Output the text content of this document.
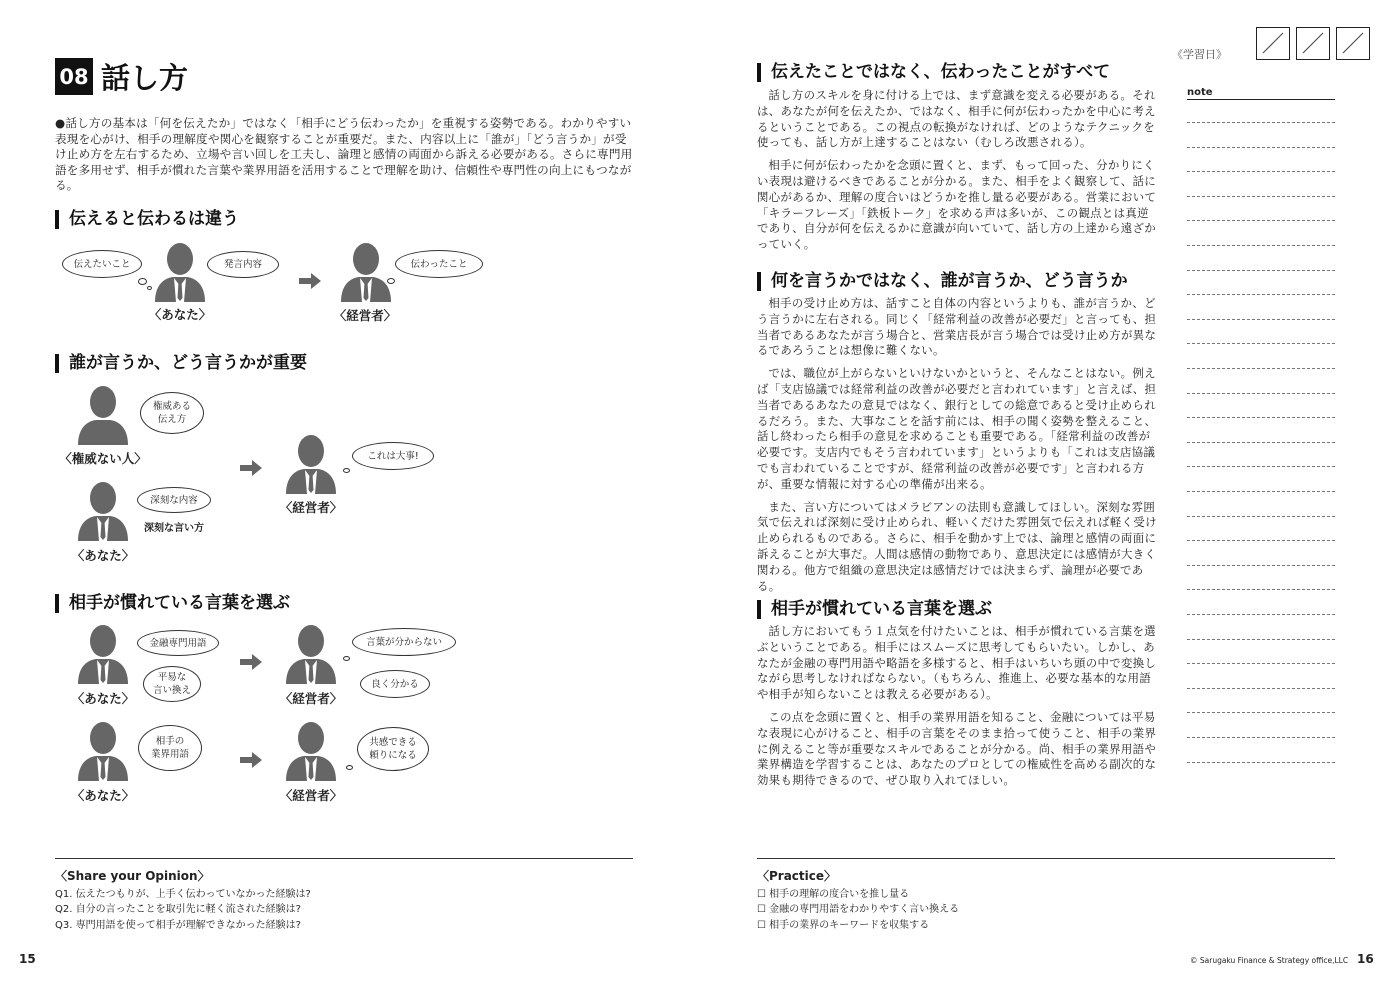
08 話し方
●話し方の基本は「何を伝えたか」ではなく「相手にどう伝わったか」を重視する姿勢である。わかりやすい表現を心がけ、相手の理解度や関心を観察することが重要だ。また、内容以上に「誰が」「どう言うか」が受け止め方を左右するため、立場や言い回しを工夫し、論理と感情の両面から訴える必要がある。さらに専門用語を多用せず、相手が慣れた言葉や業界用語を活用することで理解を助け、信頼性や専門性の向上にもつながる。
伝えると伝わるは違う
誰が言うか、どう言うかが重要
相手が慣れている言葉を選ぶ
〈あなた〉
伝えたいこと	発言内容
〈経営者〉
伝わったこと
〈権威ない人〉
権威ある
伝え方
〈あなた〉
深刻な内容
深刻な言い方
〈経営者〉
これは大事!
〈あなた〉
金融専門用語
平易な
言い換え
〈経営者〉
言葉が分からない
良く分かる
〈あなた〉
相手の
業界用語
〈経営者〉
共感できる
頼りになる
〈Share your Opinion〉
Q1. 伝えたつもりが、上手く伝わっていなかった経験は?
Q2. 自分の言ったことを取引先に軽く流された経験は?
Q3. 専門用語を使って相手が理解できなかった経験は?
15
《学習日》
note
伝えたことではなく、伝わったことがすべて

話し方のスキルを身に付ける上では、まず意識を変える必要がある。それは、あなたが何を伝えたか、ではなく、相手に何が伝わったかを中心に考えるということである。この視点の転換がなければ、どのようなテクニックを使っても、話し方が上達することはない（むしろ改悪される）。

相手に何が伝わったかを念頭に置くと、まず、もって回った、分かりにくい表現は避けるべきであることが分かる。また、相手をよく観察して、話に関心があるか、理解の度合いはどうかを推し量る必要がある。営業において「キラーフレーズ」「鉄板トーク」を求める声は多いが、この観点とは真逆であり、自分が何を伝えるかに意識が向いていて、話し方の上達から遠ざかっていく。

何を言うかではなく、誰が言うか、どう言うか

相手の受け止め方は、話すこと自体の内容というよりも、誰が言うか、どう言うかに左右される。同じく「経常利益の改善が必要だ」と言っても、担当者であるあなたが言う場合と、営業店長が言う場合では受け止め方が異なるであろうことは想像に難くない。

では、職位が上がらないといけないかというと、そんなことはない。例えば「支店協議では経常利益の改善が必要だと言われています」と言えば、担当者であるあなたの意見ではなく、銀行としての総意であると受け止められるだろう。また、大事なことを話す前には、相手の聞く姿勢を整えること、話し終わったら相手の意見を求めることも重要である。「経常利益の改善が必要です。支店内でもそう言われています」というよりも「これは支店協議でも言われていることですが、経常利益の改善が必要です」と言われる方が、重要な情報に対する心の準備が出来る。

また、言い方についてはメラビアンの法則も意識してほしい。深刻な雰囲気で伝えれば深刻に受け止められ、軽いくだけた雰囲気で伝えれば軽く受け止められるものである。さらに、相手を動かす上では、論理と感情の両面に訴えることが大事だ。人間は感情の動物であり、意思決定には感情が大きく関わる。他方で組織の意思決定は感情だけでは決まらず、論理が必要である。

相手が慣れている言葉を選ぶ

話し方においてもう１点気を付けたいことは、相手が慣れている言葉を選ぶということである。相手にはスムーズに思考してもらいたい。しかし、あなたが金融の専門用語や略語を多様すると、相手はいちいち頭の中で変換しながら思考しなければならない。（もちろん、推進上、必要な基本的な用語や相手が知らないことは教える必要がある）。

この点を念頭に置くと、相手の業界用語を知ること、金融については平易な表現に心がけること、相手の言葉をそのまま拾って使うこと、相手の業界に例えること等が重要なスキルであることが分かる。尚、相手の業界用語や業界構造を学習することは、あなたのプロとしての権威性を高める副次的な効果も期待できるので、ぜひ取り入れてほしい。

〈Practice〉
☐ 相手の理解の度合いを推し量る
☐ 金融の専門用語をわかりやすく言い換える
☐ 相手の業界のキーワードを収集する
© Sarugaku Finance & Strategy office,LLC 16
